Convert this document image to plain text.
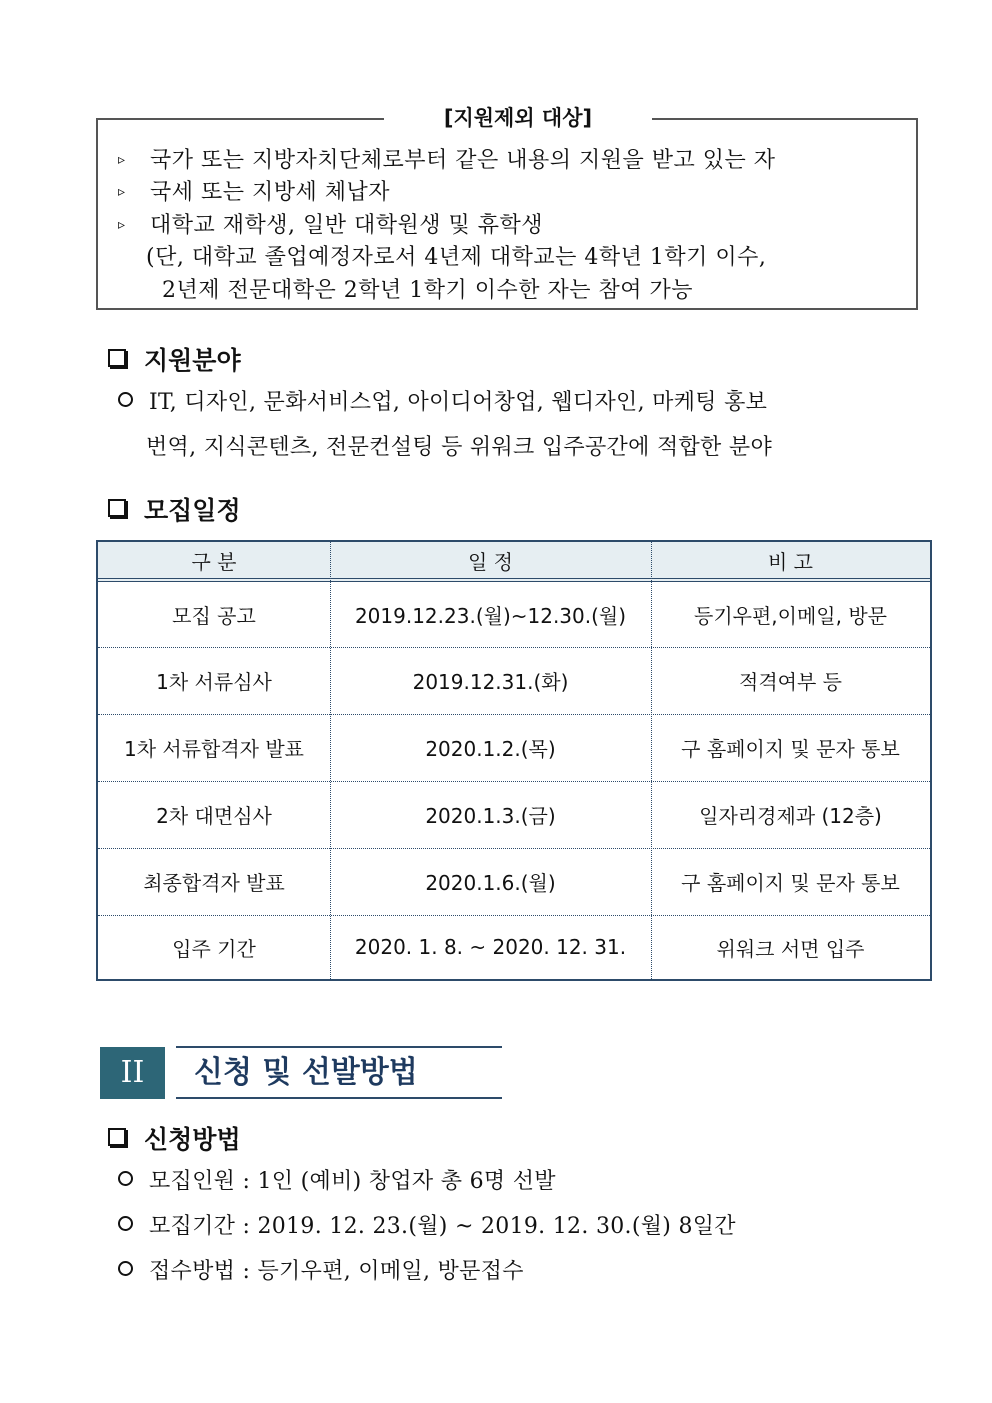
[지원제외 대상]
▹ 국가 또는 지방자치단체로부터 같은 내용의 지원을 받고 있는 자
▹ 국세 또는 지방세 체납자
▹ 대학교 재학생, 일반 대학원생 및 휴학생
(단, 대학교 졸업예정자로서 4년제 대학교는 4학년 1학기 이수,
2년제 전문대학은 2학년 1학기 이수한 자는 참여 가능
지원분야
IT, 디자인, 문화서비스업, 아이디어창업, 웹디자인, 마케팅 홍보
번역, 지식콘텐츠, 전문컨설팅 등 위워크 입주공간에 적합한 분야
모집일정
구 분	일 정	비 고
모집 공고	2019.12.23.(월)~12.30.(월)	등기우편,이메일, 방문
1차 서류심사	2019.12.31.(화)	적격여부 등
1차 서류합격자 발표	2020.1.2.(목)	구 홈페이지 및 문자 통보
2차 대면심사	2020.1.3.(금)	일자리경제과 (12층)
최종합격자 발표	2020.1.6.(월)	구 홈페이지 및 문자 통보
입주 기간	2020. 1. 8. ~ 2020. 12. 31.	위워크 서면 입주
II	신청 및 선발방법
신청방법
모집인원 : 1인 (예비) 창업자 총 6명 선발
모집기간 : 2019. 12. 23.(월) ~ 2019. 12. 30.(월) 8일간
접수방법 : 등기우편, 이메일, 방문접수
